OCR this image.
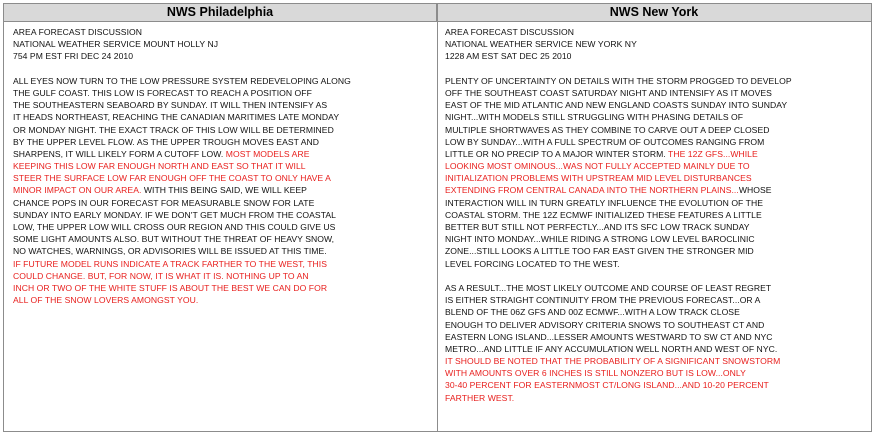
NWS Philadelphia	NWS New York
AREA FORECAST DISCUSSION
NATIONAL WEATHER SERVICE MOUNT HOLLY NJ
754 PM EST FRI DEC 24 2010
ALL EYES NOW TURN TO THE LOW PRESSURE SYSTEM REDEVELOPING ALONG
THE GULF COAST. THIS LOW IS FORECAST TO REACH A POSITION OFF
THE SOUTHEASTERN SEABOARD BY SUNDAY. IT WILL THEN INTENSIFY AS
IT HEADS NORTHEAST, REACHING THE CANADIAN MARITIMES LATE MONDAY
OR MONDAY NIGHT. THE EXACT TRACK OF THIS LOW WILL BE DETERMINED
BY THE UPPER LEVEL FLOW. AS THE UPPER TROUGH MOVES EAST AND
SHARPENS, IT WILL LIKELY FORM A CUTOFF LOW. MOST MODELS ARE
KEEPING THIS LOW FAR ENOUGH NORTH AND EAST SO THAT IT WILL
STEER THE SURFACE LOW FAR ENOUGH OFF THE COAST TO ONLY HAVE A
MINOR IMPACT ON OUR AREA. WITH THIS BEING SAID, WE WILL KEEP
CHANCE POPS IN OUR FORECAST FOR MEASURABLE SNOW FOR LATE
SUNDAY INTO EARLY MONDAY. IF WE DON'T GET MUCH FROM THE COASTAL
LOW, THE UPPER LOW WILL CROSS OUR REGION AND THIS COULD GIVE US
SOME LIGHT AMOUNTS ALSO. BUT WITHOUT THE THREAT OF HEAVY SNOW,
NO WATCHES, WARNINGS, OR ADVISORIES WILL BE ISSUED AT THIS TIME.
IF FUTURE MODEL RUNS INDICATE A TRACK FARTHER TO THE WEST, THIS
COULD CHANGE. BUT, FOR NOW, IT IS WHAT IT IS. NOTHING UP TO AN
INCH OR TWO OF THE WHITE STUFF IS ABOUT THE BEST WE CAN DO FOR
ALL OF THE SNOW LOVERS AMONGST YOU.
AREA FORECAST DISCUSSION
NATIONAL WEATHER SERVICE NEW YORK NY
1228 AM EST SAT DEC 25 2010
PLENTY OF UNCERTAINTY ON DETAILS WITH THE STORM PROGGED TO DEVELOP
OFF THE SOUTHEAST COAST SATURDAY NIGHT AND INTENSIFY AS IT MOVES
EAST OF THE MID ATLANTIC AND NEW ENGLAND COASTS SUNDAY INTO SUNDAY
NIGHT...WITH MODELS STILL STRUGGLING WITH PHASING DETAILS OF
MULTIPLE SHORTWAVES AS THEY COMBINE TO CARVE OUT A DEEP CLOSED
LOW BY SUNDAY...WITH A FULL SPECTRUM OF OUTCOMES RANGING FROM
LITTLE OR NO PRECIP TO A MAJOR WINTER STORM. THE 12Z GFS...WHILE
LOOKING MOST OMINOUS...WAS NOT FULLY ACCEPTED MAINLY DUE TO
INITIALIZATION PROBLEMS WITH UPSTREAM MID LEVEL DISTURBANCES
EXTENDING FROM CENTRAL CANADA INTO THE NORTHERN PLAINS...WHOSE
INTERACTION WILL IN TURN GREATLY INFLUENCE THE EVOLUTION OF THE
COASTAL STORM. THE 12Z ECMWF INITIALIZED THESE FEATURES A LITTLE
BETTER BUT STILL NOT PERFECTLY...AND ITS SFC LOW TRACK SUNDAY
NIGHT INTO MONDAY...WHILE RIDING A STRONG LOW LEVEL BAROCLINIC
ZONE...STILL LOOKS A LITTLE TOO FAR EAST GIVEN THE STRONGER MID
LEVEL FORCING LOCATED TO THE WEST.
AS A RESULT...THE MOST LIKELY OUTCOME AND COURSE OF LEAST REGRET
IS EITHER STRAIGHT CONTINUITY FROM THE PREVIOUS FORECAST...OR A
BLEND OF THE 06Z GFS AND 00Z ECMWF...WITH A LOW TRACK CLOSE
ENOUGH TO DELIVER ADVISORY CRITERIA SNOWS TO SOUTHEAST CT AND
EASTERN LONG ISLAND...LESSER AMOUNTS WESTWARD TO SW CT AND NYC
METRO...AND LITTLE IF ANY ACCUMULATION WELL NORTH AND WEST OF NYC.
IT SHOULD BE NOTED THAT THE PROBABILITY OF A SIGNIFICANT SNOWSTORM
WITH AMOUNTS OVER 6 INCHES IS STILL NONZERO BUT IS LOW...ONLY
30-40 PERCENT FOR EASTERNMOST CT/LONG ISLAND...AND 10-20 PERCENT
FARTHER WEST.
